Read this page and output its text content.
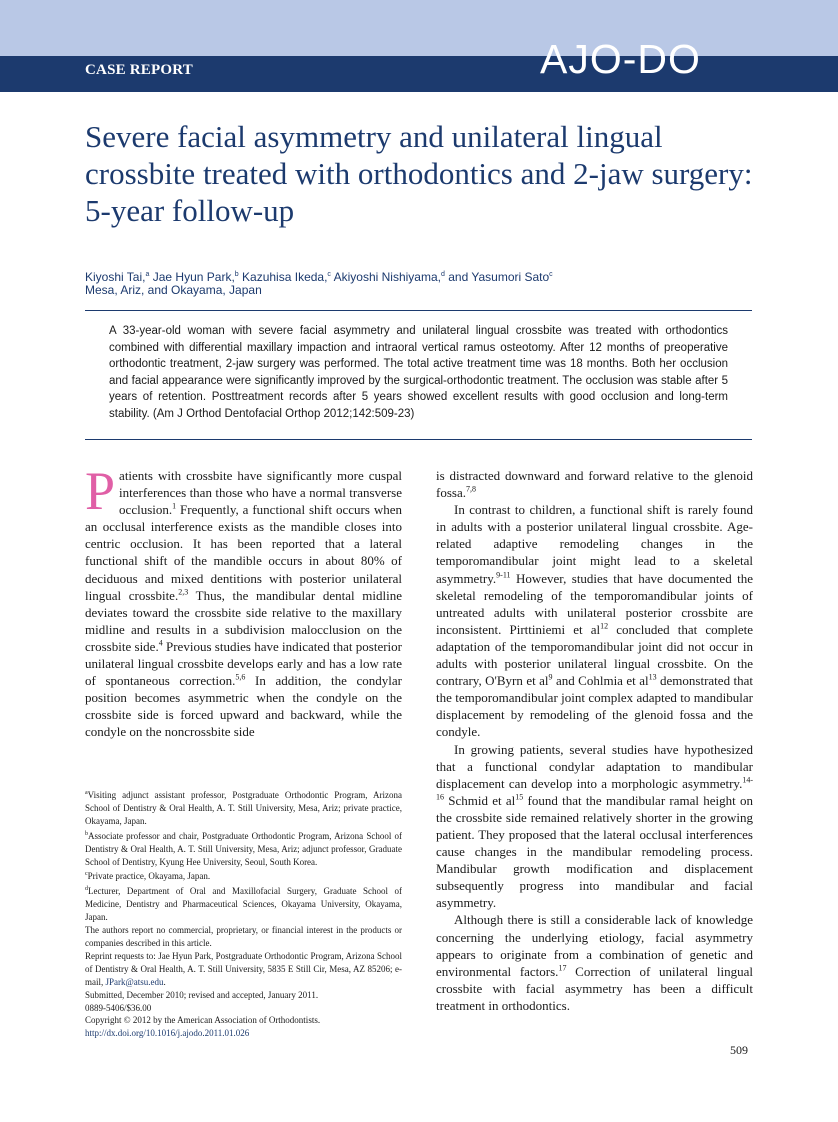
CASE REPORT	AJO-DO
Severe facial asymmetry and unilateral lingual crossbite treated with orthodontics and 2-jaw surgery: 5-year follow-up
Kiyoshi Tai,$^a$ Jae Hyun Park,$^b$ Kazuhisa Ikeda,$^c$ Akiyoshi Nishiyama,$^d$ and Yasumori Sato$^c$
Mesa, Ariz, and Okayama, Japan

A 33-year-old woman with severe facial asymmetry and unilateral lingual crossbite was treated with orthodontics combined with differential maxillary impaction and intraoral vertical ramus osteotomy. After 12 months of preoperative orthodontic treatment, 2-jaw surgery was performed. The total active treatment time was 18 months. Both her occlusion and facial appearance were significantly improved by the surgical-orthodontic treatment. The occlusion was stable after 5 years of retention. Posttreatment records after 5 years showed excellent results with good occlusion and long-term stability. (Am J Orthod Dentofacial Orthop 2012;142:509-23)

P atients with crossbite have significantly more cuspal interferences than those who have a normal transverse occlusion.$^1$ Frequently, a functional shift occurs when an occlusal interference exists as the mandible closes into centric occlusion. It has been reported that a lateral functional shift of the mandible occurs in about 80% of deciduous and mixed dentitions with posterior unilateral lingual crossbite.$^{2,3}$ Thus, the mandibular dental midline deviates toward the crossbite side relative to the maxillary midline and results in a subdivision malocclusion on the crossbite side.$^4$ Previous studies have indicated that posterior unilateral lingual crossbite develops early and has a low rate of spontaneous correction.$^{5,6}$ In addition, the condylar position becomes asymmetric when the condyle on the crossbite side is forced upward and backward, while the condyle on the noncrossbite side

is distracted downward and forward relative to the glenoid fossa.$^{7,8}$

In contrast to children, a functional shift is rarely found in adults with a posterior unilateral lingual crossbite. Age-related adaptive remodeling changes in the temporomandibular joint might lead to a skeletal asymmetry.$^{9-11}$ However, studies that have documented the skeletal remodeling of the temporomandibular joints of untreated adults with unilateral posterior crossbite are inconsistent. Pirttiniemi et al$^{12}$ concluded that complete adaptation of the temporomandibular joint did not occur in adults with posterior unilateral lingual crossbite. On the contrary, O'Byrn et al$^9$ and Cohlmia et al$^{13}$ demonstrated that the temporomandibular joint complex adapted to mandibular displacement by remodeling of the glenoid fossa and the condyle.

In growing patients, several studies have hypothesized that a functional condylar adaptation to mandibular displacement can develop into a morphologic asymmetry.$^{14-16}$ Schmid et al$^{15}$ found that the mandibular ramal height on the crossbite side remained relatively shorter in the growing patient. They proposed that the lateral occlusal interferences cause changes in the mandibular remodeling process. Mandibular growth modification and displacement subsequently progress into mandibular and facial asymmetry.

Although there is still a considerable lack of knowledge concerning the underlying etiology, facial asymmetry appears to originate from a combination of genetic and environmental factors.$^{17}$ Correction of unilateral lingual crossbite with facial asymmetry has been a difficult treatment in orthodontics.

$^a$Visiting adjunct assistant professor, Postgraduate Orthodontic Program, Arizona School of Dentistry & Oral Health, A. T. Still University, Mesa, Ariz; private practice, Okayama, Japan.

$^b$Associate professor and chair, Postgraduate Orthodontic Program, Arizona School of Dentistry & Oral Health, A. T. Still University, Mesa, Ariz; adjunct professor, Graduate School of Dentistry, Kyung Hee University, Seoul, South Korea.

$^c$Private practice, Okayama, Japan.

$^d$Lecturer, Department of Oral and Maxillofacial Surgery, Graduate School of Medicine, Dentistry and Pharmaceutical Sciences, Okayama University, Okayama, Japan.

The authors report no commercial, proprietary, or financial interest in the products or companies described in this article.

Reprint requests to: Jae Hyun Park, Postgraduate Orthodontic Program, Arizona School of Dentistry & Oral Health, A. T. Still University, 5835 E Still Cir, Mesa, AZ 85206; e-mail, JPark@atsu.edu.

Submitted, December 2010; revised and accepted, January 2011.

0889-5406/$36.00

Copyright © 2012 by the American Association of Orthodontists.

http://dx.doi.org/10.1016/j.ajodo.2011.01.026

509
